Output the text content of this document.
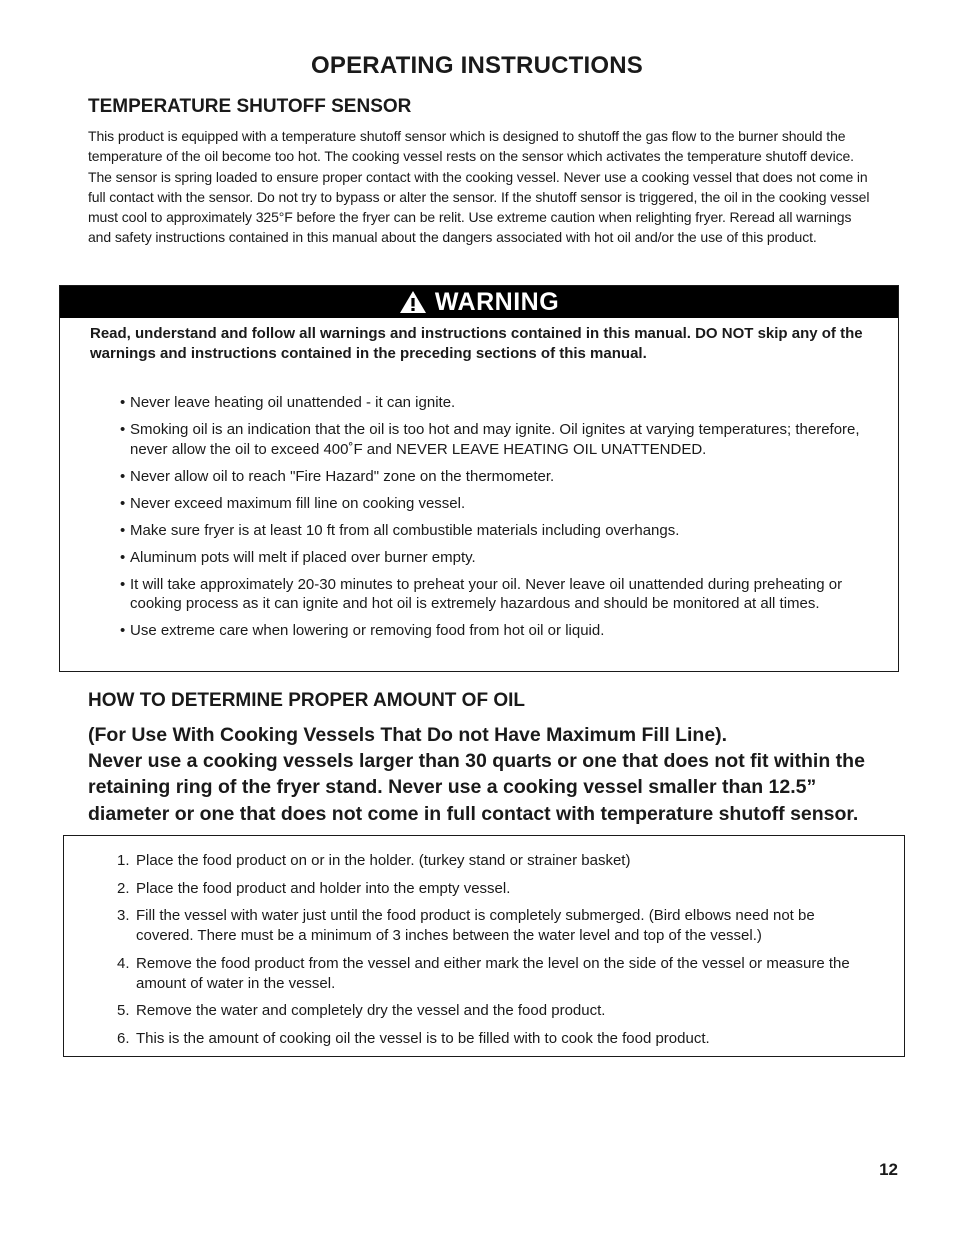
OPERATING INSTRUCTIONS
TEMPERATURE SHUTOFF SENSOR

This product is equipped with a temperature shutoff sensor which is designed to shutoff the gas flow to the burner should the temperature of the oil become too hot. The cooking vessel rests on the sensor which activates the temperature shutoff device. The sensor is spring loaded to ensure proper contact with the cooking vessel. Never use a cooking vessel that does not come in full contact with the sensor. Do not try to bypass or alter the sensor. If the shutoff sensor is triggered, the oil in the cooking vessel must cool to approximately 325°F before the fryer can be relit. Use extreme caution when relighting fryer. Reread all warnings and safety instructions contained in this manual about the dangers associated with hot oil and/or the use of this product.

WARNING

Read, understand and follow all warnings and instructions contained in this manual. DO NOT skip any of the warnings and instructions contained in the preceding sections of this manual.

• Never leave heating oil unattended - it can ignite.
• Smoking oil is an indication that the oil is too hot and may ignite. Oil ignites at varying temperatures; therefore, never allow the oil to exceed 400˚F and NEVER LEAVE HEATING OIL UNATTENDED.
• Never allow oil to reach "Fire Hazard" zone on the thermometer.
• Never exceed maximum fill line on cooking vessel.
• Make sure fryer is at least 10 ft from all combustible materials including overhangs.
• Aluminum pots will melt if placed over burner empty.
• It will take approximately 20-30 minutes to preheat your oil. Never leave oil unattended during preheating or cooking process as it can ignite and hot oil is extremely hazardous and should be monitored at all times.
• Use extreme care when lowering or removing food from hot oil or liquid.
HOW TO DETERMINE PROPER AMOUNT OF OIL
(For Use With Cooking Vessels That Do not Have Maximum Fill Line).
Never use a cooking vessels larger than 30 quarts or one that does not fit within the retaining ring of the fryer stand. Never use a cooking vessel smaller than 12.5” diameter or one that does not come in full contact with temperature shutoff sensor.
1. Place the food product on or in the holder. (turkey stand or strainer basket)
2. Place the food product and holder into the empty vessel.
3. Fill the vessel with water just until the food product is completely submerged. (Bird elbows need not be covered. There must be a minimum of 3 inches between the water level and top of the vessel.)
4. Remove the food product from the vessel and either mark the level on the side of the vessel or measure the amount of water in the vessel.
5. Remove the water and completely dry the vessel and the food product.
6. This is the amount of cooking oil the vessel is to be filled with to cook the food product.
12
